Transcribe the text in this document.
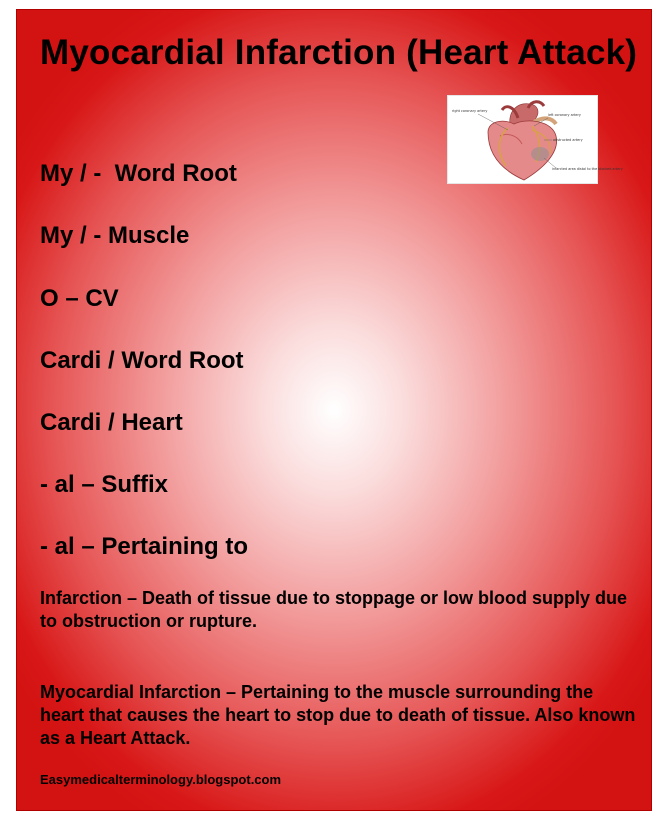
Myocardial Infarction (Heart Attack)
right coronary artery
left coronary artery
obstructed artery
infarcted area distal to the blocked artery

My / -  Word Root

My / - Muscle

O – CV

Cardi / Word Root

Cardi / Heart

- al – Suffix

- al – Pertaining to

Infarction – Death of tissue due to stoppage or low blood supply due to obstruction or rupture.

Myocardial Infarction – Pertaining to the muscle surrounding the heart that causes the heart to stop due to death of tissue. Also known as a Heart Attack.

Easymedicalterminology.blogspot.com
